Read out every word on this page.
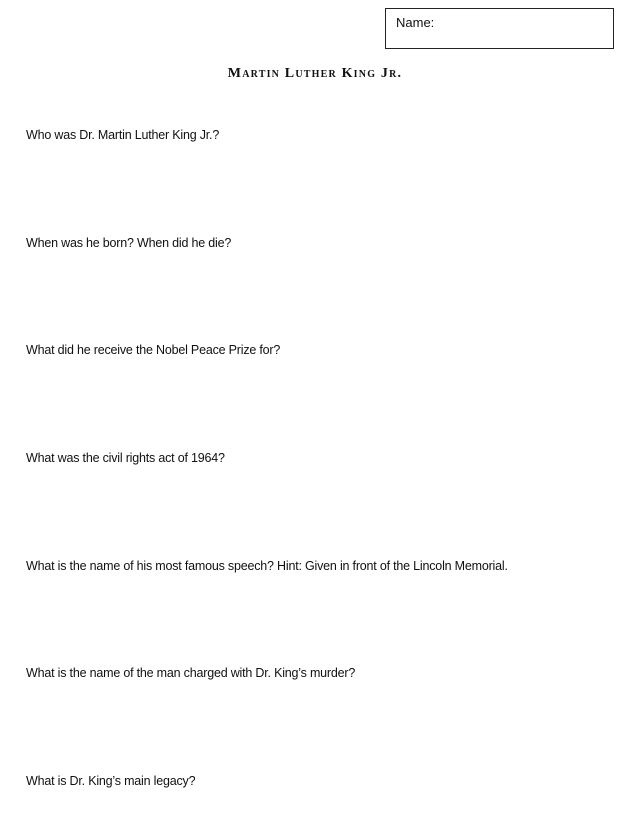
Name:
Martin Luther King Jr.
Who was Dr. Martin Luther King Jr.?
When was he born? When did he die?
What did he receive the Nobel Peace Prize for?
What was the civil rights act of 1964?
What is the name of his most famous speech? Hint: Given in front of the Lincoln Memorial.
What is the name of the man charged with Dr. King’s murder?
What is Dr. King’s main legacy?
